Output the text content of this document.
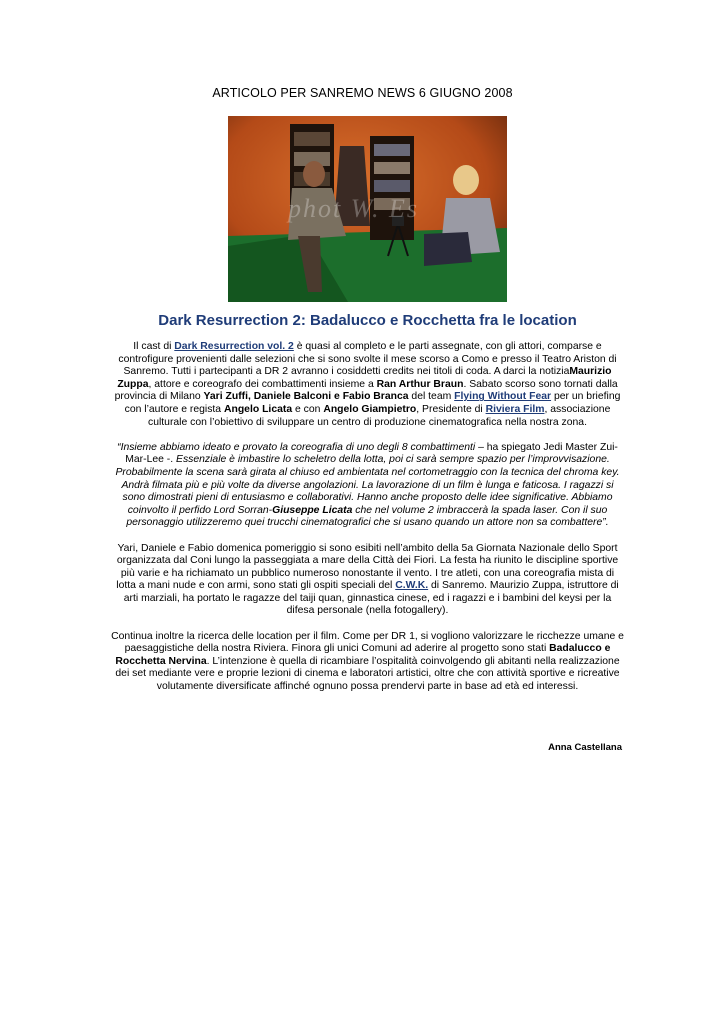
ARTICOLO PER SANREMO NEWS 6 GIUGNO 2008
phot W. Es
Dark Resurrection 2: Badalucco e Rocchetta fra le location

Il cast di Dark Resurrection vol. 2 è quasi al completo e le parti assegnate, con gli attori, comparse e controfigure provenienti dalle selezioni che si sono svolte il mese scorso a Como e presso il Teatro Ariston di Sanremo. Tutti i partecipanti a DR 2 avranno i cosiddetti credits nei titoli di coda. A darci la notiziaMaurizio Zuppa, attore e coreografo dei combattimenti insieme a Ran Arthur Braun. Sabato scorso sono tornati dalla provincia di Milano Yari Zuffi, Daniele Balconi e Fabio Branca del team Flying Without Fear per un briefing con l’autore e regista Angelo Licata e con Angelo Giampietro, Presidente di Riviera Film, associazione culturale con l’obiettivo di sviluppare un centro di produzione cinematografica nella nostra zona.

“Insieme abbiamo ideato e provato la coreografia di uno degli 8 combattimenti – ha spiegato Jedi Master Zui-Mar-Lee -. Essenziale è imbastire lo scheletro della lotta, poi ci sarà sempre spazio per l’improvvisazione. Probabilmente la scena sarà girata al chiuso ed ambientata nel cortometraggio con la tecnica del chroma key. Andrà filmata più e più volte da diverse angolazioni. La lavorazione di un film è lunga e faticosa. I ragazzi si sono dimostrati pieni di entusiasmo e collaborativi. Hanno anche proposto delle idee significative. Abbiamo coinvolto il perfido Lord Sorran-Giuseppe Licata che nel volume 2 imbraccerà la spada laser. Con il suo personaggio utilizzeremo quei trucchi cinematografici che si usano quando un attore non sa combattere”.

Yari, Daniele e Fabio domenica pomeriggio si sono esibiti nell’ambito della 5a Giornata Nazionale dello Sport organizzata dal Coni lungo la passeggiata a mare della Città dei Fiori. La festa ha riunito le discipline sportive più varie e ha richiamato un pubblico numeroso nonostante il vento. I tre atleti, con una coreografia mista di lotta a mani nude e con armi, sono stati gli ospiti speciali del C.W.K. di Sanremo. Maurizio Zuppa, istruttore di arti marziali, ha portato le ragazze del taiji quan, ginnastica cinese, ed i ragazzi e i bambini del keysi per la difesa personale (nella fotogallery).

Continua inoltre la ricerca delle location per il film. Come per DR 1, si vogliono valorizzare le ricchezze umane e paesaggistiche della nostra Riviera. Finora gli unici Comuni ad aderire al progetto sono stati Badalucco e Rocchetta Nervina. L’intenzione è quella di ricambiare l’ospitalità coinvolgendo gli abitanti nella realizzazione dei set mediante vere e proprie lezioni di cinema e laboratori artistici, oltre che con attività sportive e ricreative volutamente diversificate affinché ognuno possa prendervi parte in base ad età ed interessi.

Anna Castellana
